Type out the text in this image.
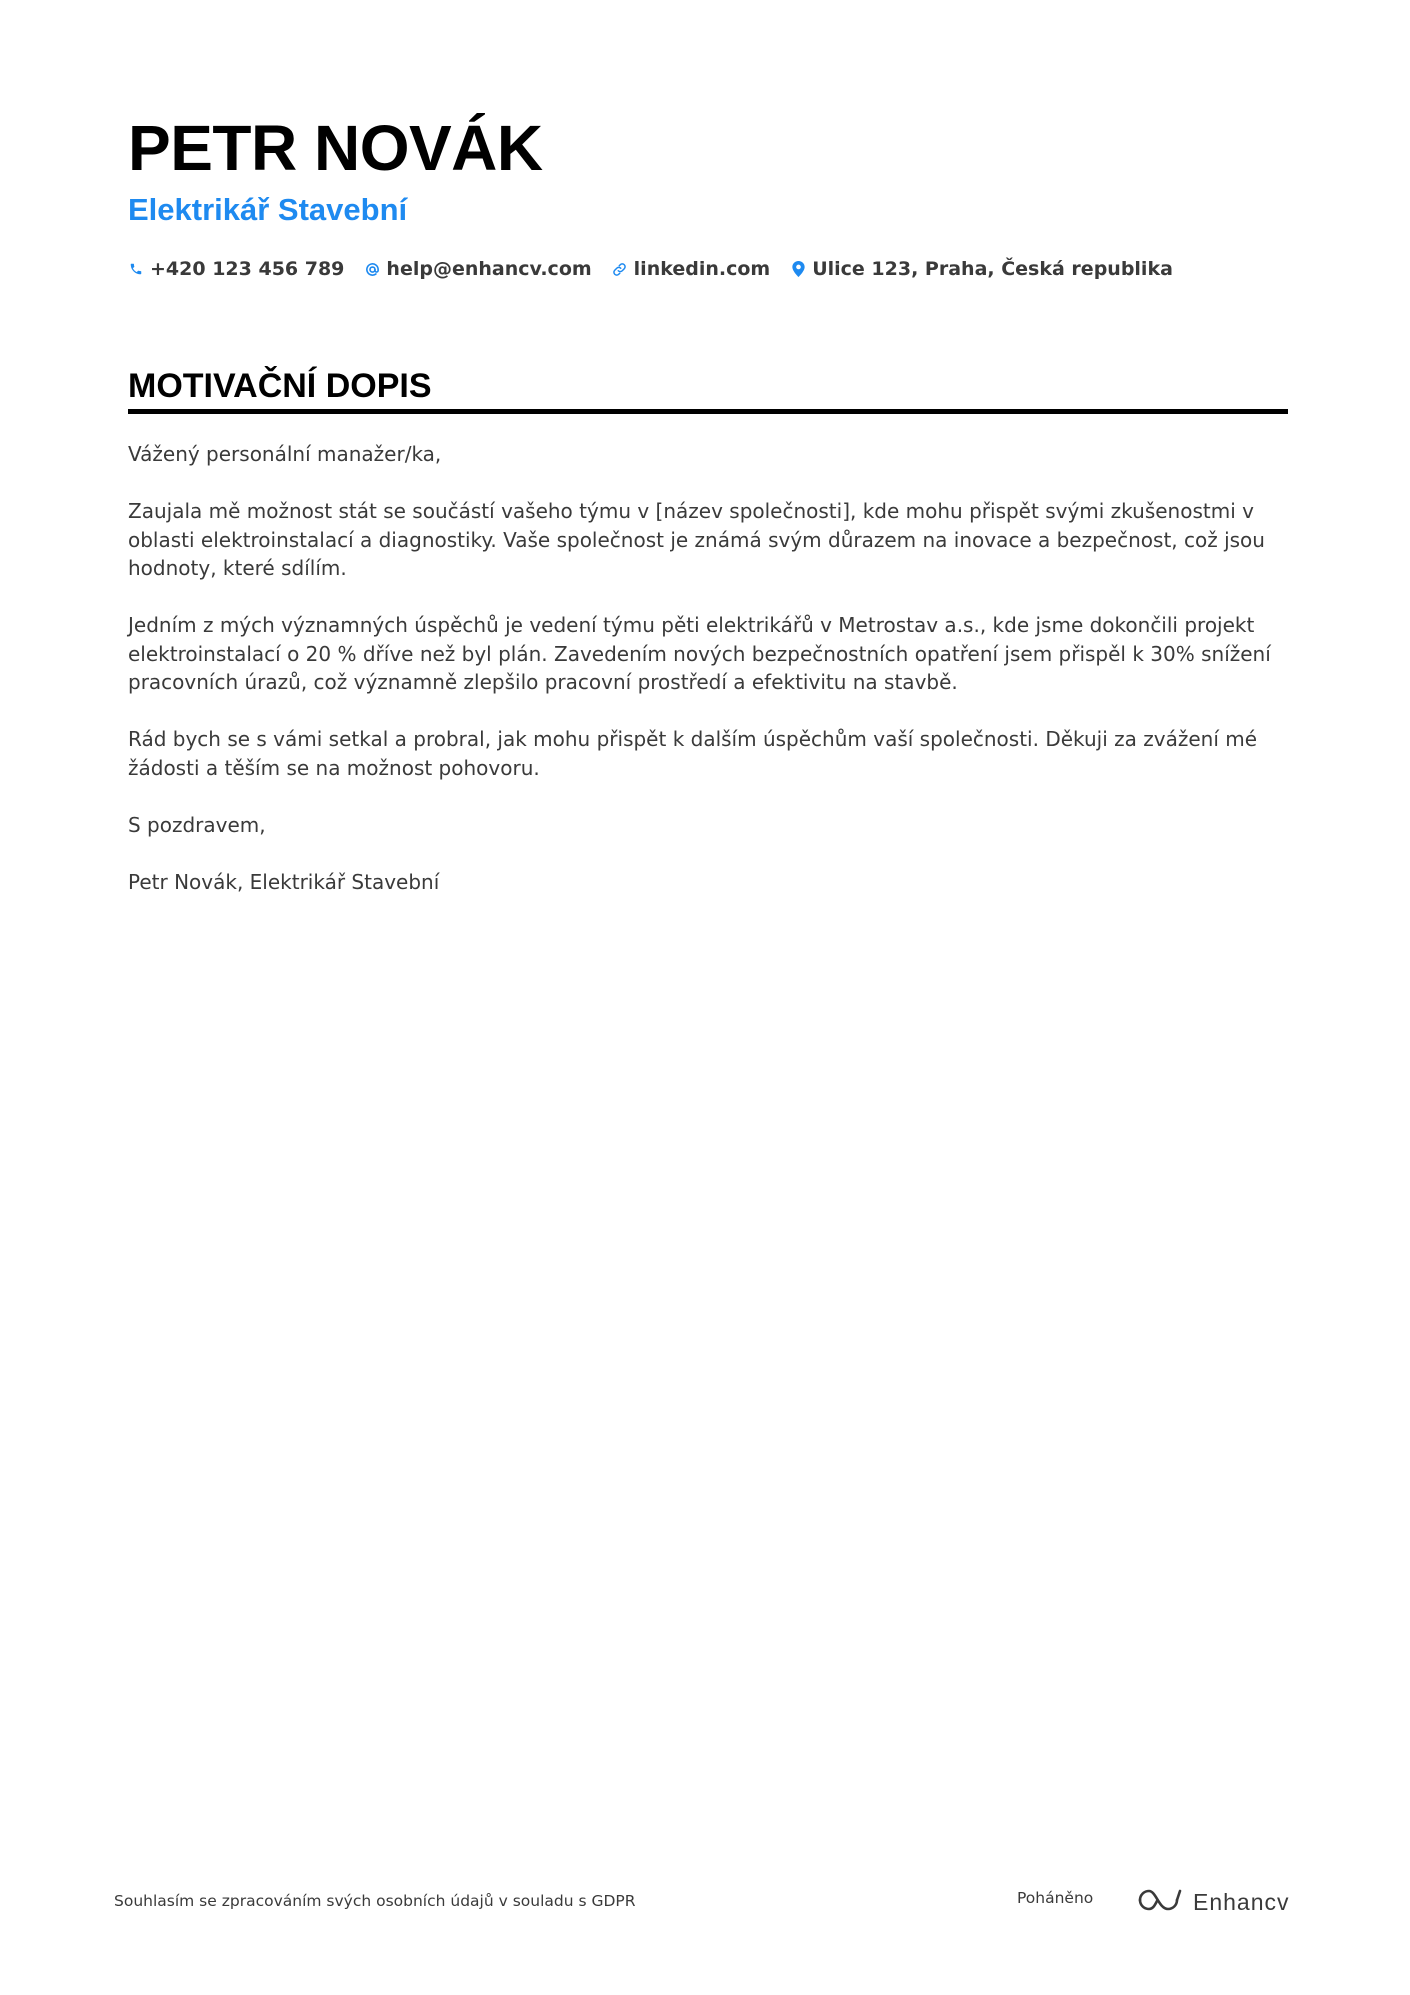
PETR NOVÁK
Elektrikář Stavební
+420 123 456 789 help@enhancv.com linkedin.com Ulice 123, Praha, Česká republika
MOTIVAČNÍ DOPIS

Vážený personální manažer/ka,

Zaujala mě možnost stát se součástí vašeho týmu v [název společnosti], kde mohu přispět svými zkušenostmi v oblasti elektroinstalací a diagnostiky. Vaše společnost je známá svým důrazem na inovace a bezpečnost, což jsou hodnoty, které sdílím.

Jedním z mých významných úspěchů je vedení týmu pěti elektrikářů v Metrostav a.s., kde jsme dokončili projekt elektroinstalací o 20 % dříve než byl plán. Zavedením nových bezpečnostních opatření jsem přispěl k 30% snížení pracovních úrazů, což významně zlepšilo pracovní prostředí a efektivitu na stavbě.

Rád bych se s vámi setkal a probral, jak mohu přispět k dalším úspěchům vaší společnosti. Děkuji za zvážení mé žádosti a těším se na možnost pohovoru.

S pozdravem,

Petr Novák, Elektrikář Stavební

Souhlasím se zpracováním svých osobních údajů v souladu s GDPR	Poháněno	Enhancv
